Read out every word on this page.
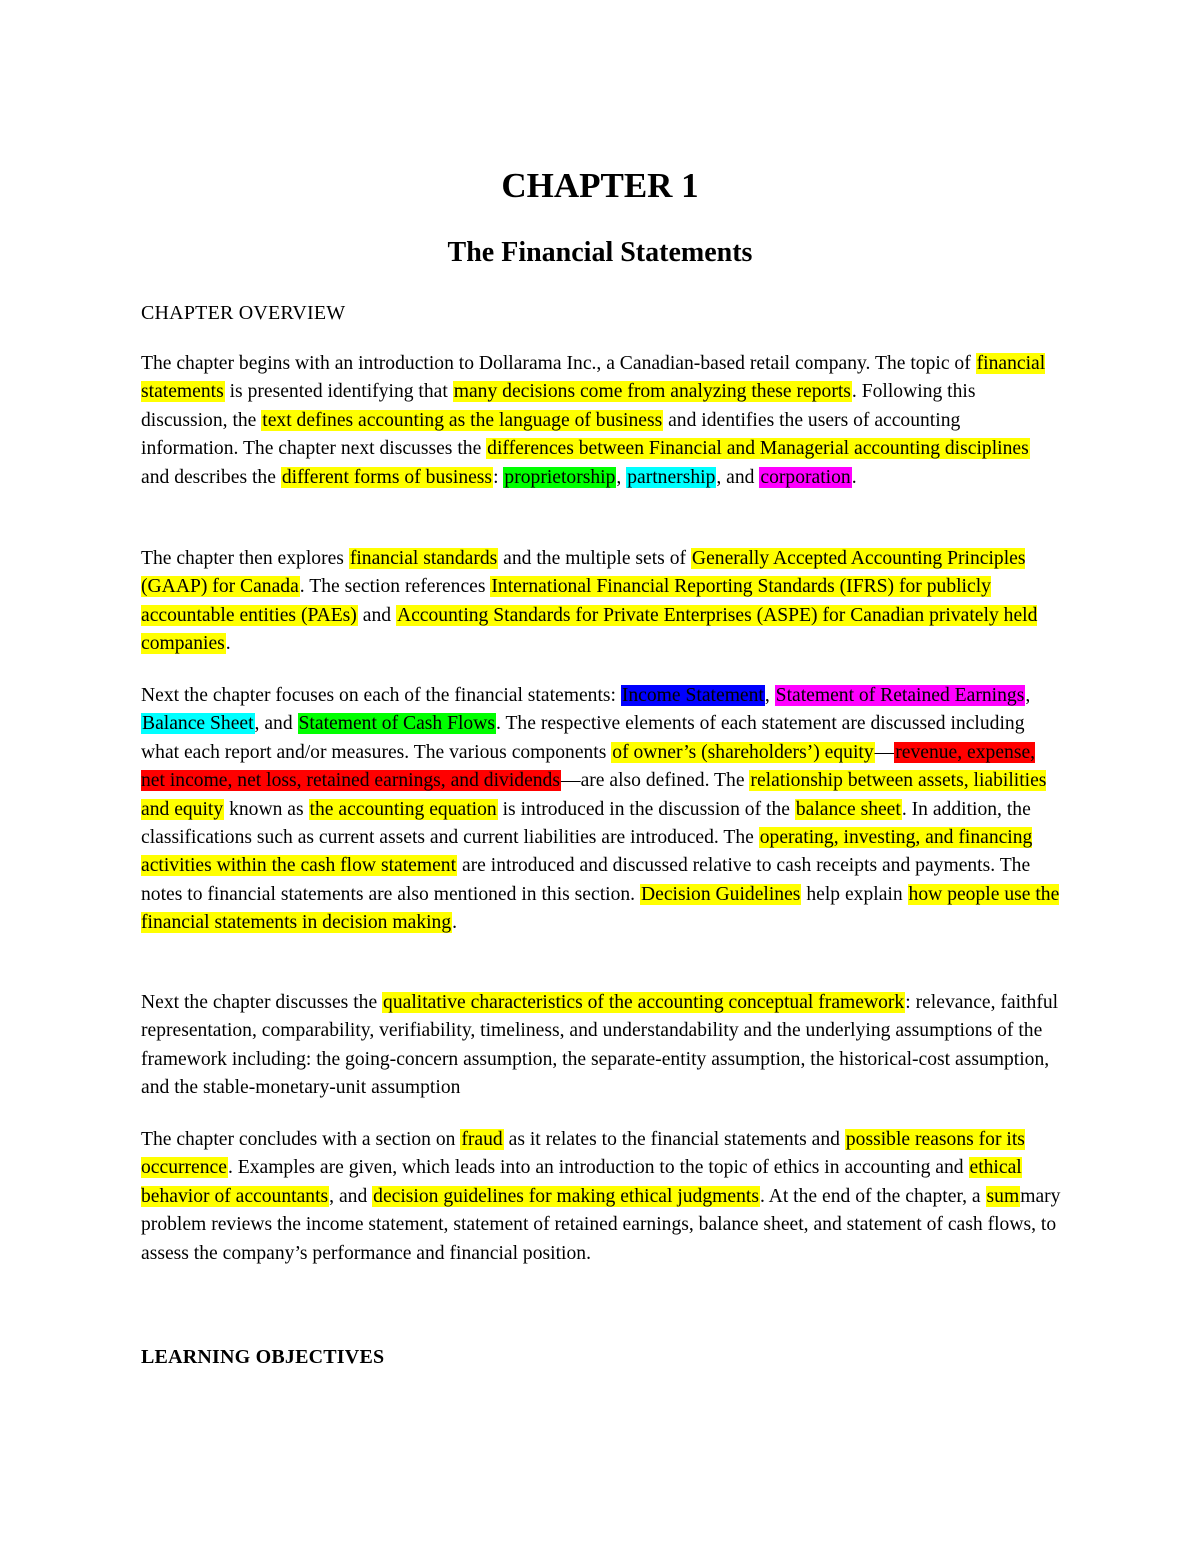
CHAPTER 1
The Financial Statements
CHAPTER OVERVIEW

The chapter begins with an introduction to Dollarama Inc., a Canadian-based retail company. The topic of financial statements is presented identifying that many decisions come from analyzing these reports. Following this discussion, the text defines accounting as the language of business and identifies the users of accounting information. The chapter next discusses the differences between Financial and Managerial accounting disciplines and describes the different forms of business: proprietorship, partnership, and corporation.

The chapter then explores financial standards and the multiple sets of Generally Accepted Accounting Principles (GAAP) for Canada. The section references International Financial Reporting Standards (IFRS) for publicly accountable entities (PAEs) and Accounting Standards for Private Enterprises (ASPE) for Canadian privately held companies.

Next the chapter focuses on each of the financial statements: Income Statement, Statement of Retained Earnings, Balance Sheet, and Statement of Cash Flows. The respective elements of each statement are discussed including what each report and/or measures. The various components of owner’s (shareholders’) equity—revenue, expense, net income, net loss, retained earnings, and dividends—are also defined. The relationship between assets, liabilities and equity known as the accounting equation is introduced in the discussion of the balance sheet. In addition, the classifications such as current assets and current liabilities are introduced. The operating, investing, and financing activities within the cash flow statement are introduced and discussed relative to cash receipts and payments. The notes to financial statements are also mentioned in this section. Decision Guidelines help explain how people use the financial statements in decision making.

Next the chapter discusses the qualitative characteristics of the accounting conceptual framework: relevance, faithful representation, comparability, verifiability, timeliness, and understandability and the underlying assumptions of the framework including: the going-concern assumption, the separate-entity assumption, the historical-cost assumption, and the stable-monetary-unit assumption

The chapter concludes with a section on fraud as it relates to the financial statements and possible reasons for its occurrence. Examples are given, which leads into an introduction to the topic of ethics in accounting and ethical behavior of accountants, and decision guidelines for making ethical judgments. At the end of the chapter, a summary problem reviews the income statement, statement of retained earnings, balance sheet, and statement of cash flows, to assess the company’s performance and financial position.

LEARNING OBJECTIVES
